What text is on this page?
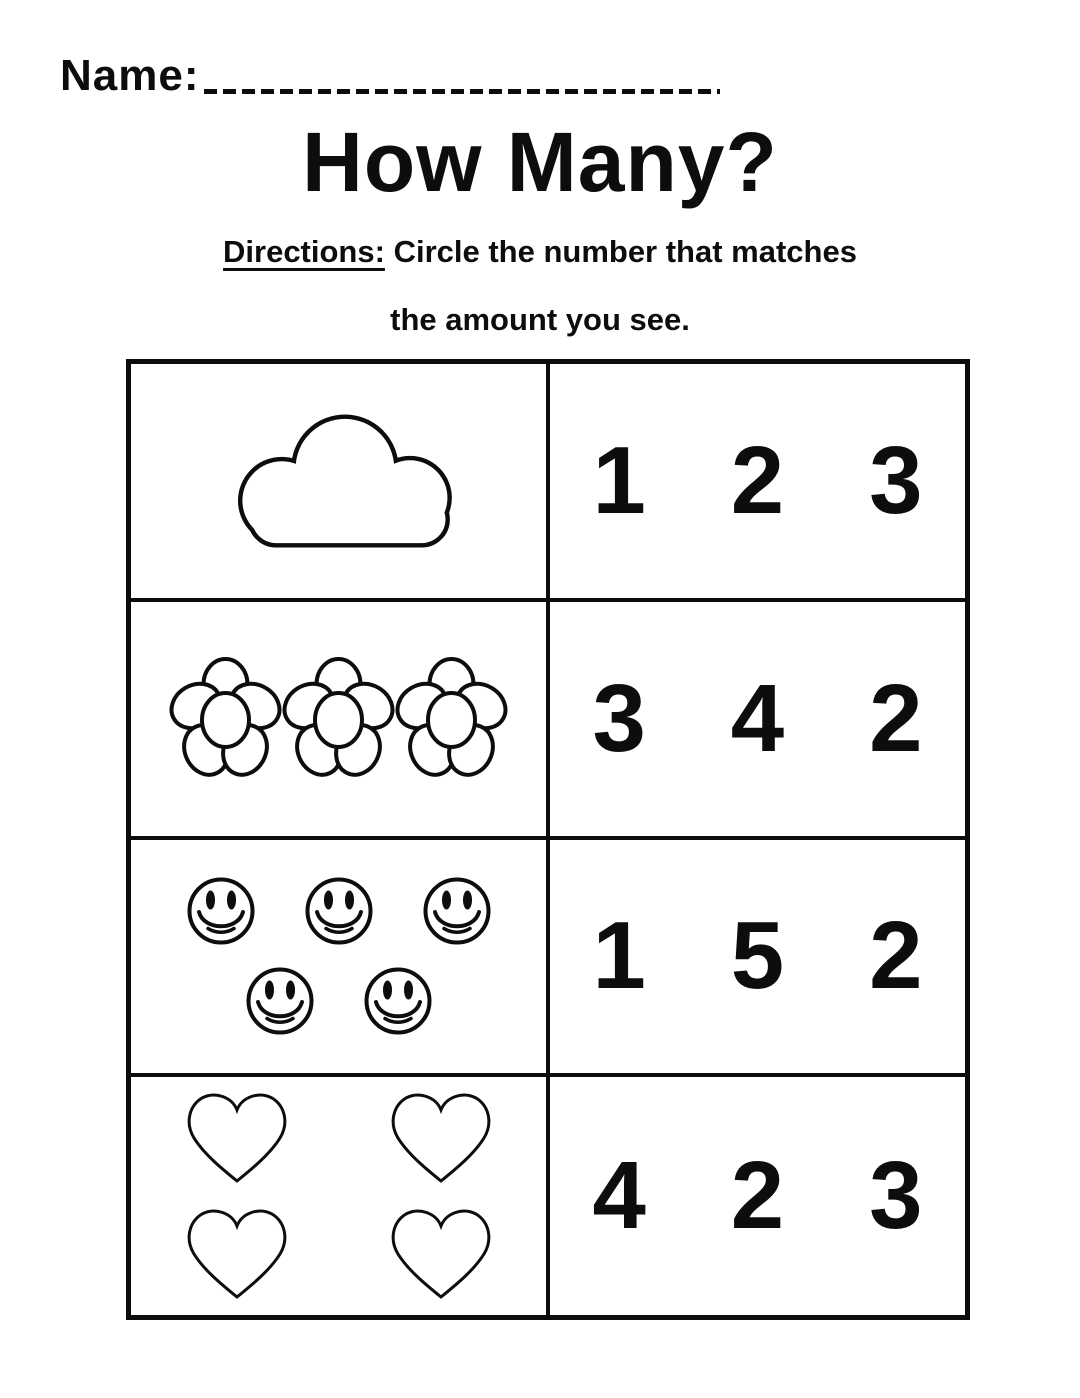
Name:
How Many?
Directions: Circle the number that matches
the amount you see.
1 2 3
3 4 2
1 5 2
4 2 3
